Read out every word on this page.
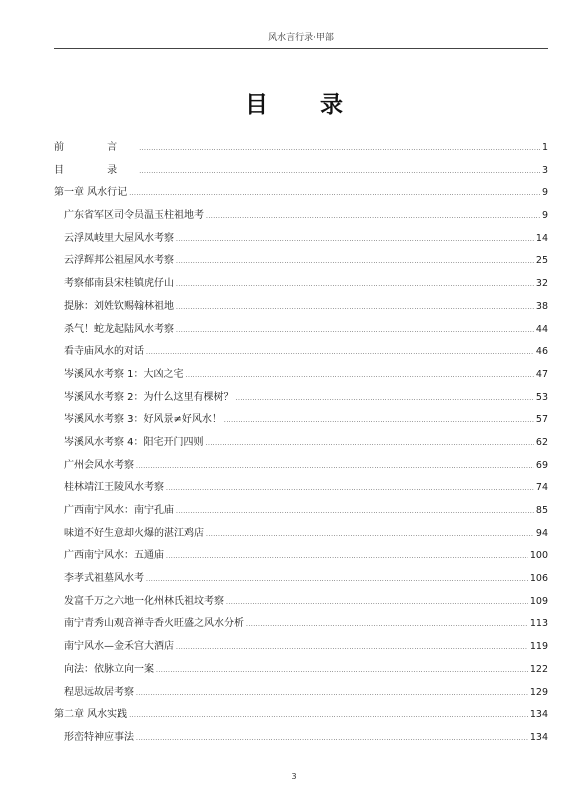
风水言行录·甲部
目 录
前 言 .....	1
目 录 .....	3
第一章 风水行记 .....	9
广东省军区司令员温玉柱祖地考 .....	9
云浮凤岐里大屋风水考察 .....	14
云浮辉邦公祖屋风水考察 .....	25
考察郁南县宋桂镇虎仔山 .....	32
提脉：刘姓钦赐翰林祖地 .....	38
杀气！蛇龙起陆风水考察 .....	44
看寺庙风水的对话 .....	46
岑溪风水考察 1：大凶之宅 .....	47
岑溪风水考察 2：为什么这里有棵树？ .....	53
岑溪风水考察 3：好风景≠好风水！ .....	57
岑溪风水考察 4：阳宅开门四则 .....	62
广州会风水考察 .....	69
桂林靖江王陵风水考察 .....	74
广西南宁风水：南宁孔庙 .....	85
味道不好生意却火爆的湛江鸡店 .....	94
广西南宁风水：五通庙 .....	100
李孝式祖墓风水考 .....	106
发富千万之六地一化州林氏祖坟考察 .....	109
南宁青秀山观音禅寺香火旺盛之风水分析 .....	113
南宁风水—金禾宫大酒店 .....	119
向法：依脉立向一案 .....	122
程思远故居考察 .....	129
第二章 风水实践 .....	134
形峦特神应事法 .....	134
3
